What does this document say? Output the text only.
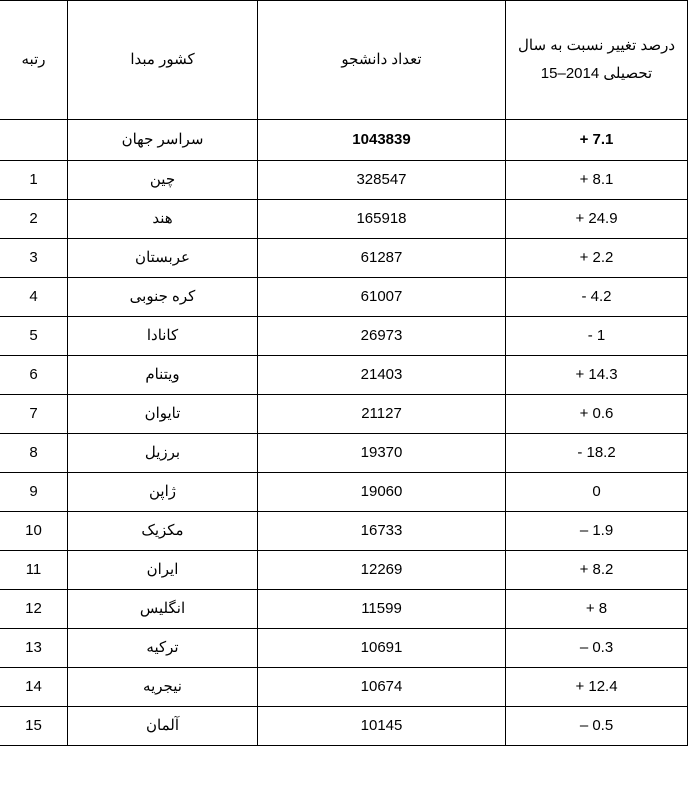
درصد تغییر نسبت به سال تحصیلی 2014–15	تعداد دانشجو	کشور مبدا	رتبه
+ 7.1	1043839	سراسر جهان	
+ 8.1	328547	چین	1
+ 24.9	165918	هند	2
+ 2.2	61287	عربستان	3
- 4.2	61007	کره جنوبی	4
- 1	26973	کانادا	5
+ 14.3	21403	ویتنام	6
+ 0.6	21127	تایوان	7
- 18.2	19370	برزیل	8
0	19060	ژاپن	9
– 1.9	16733	مکزیک	10
+ 8.2	12269	ایران	11
+ 8	11599	انگلیس	12
– 0.3	10691	ترکیه	13
+ 12.4	10674	نیجریه	14
– 0.5	10145	آلمان	15
